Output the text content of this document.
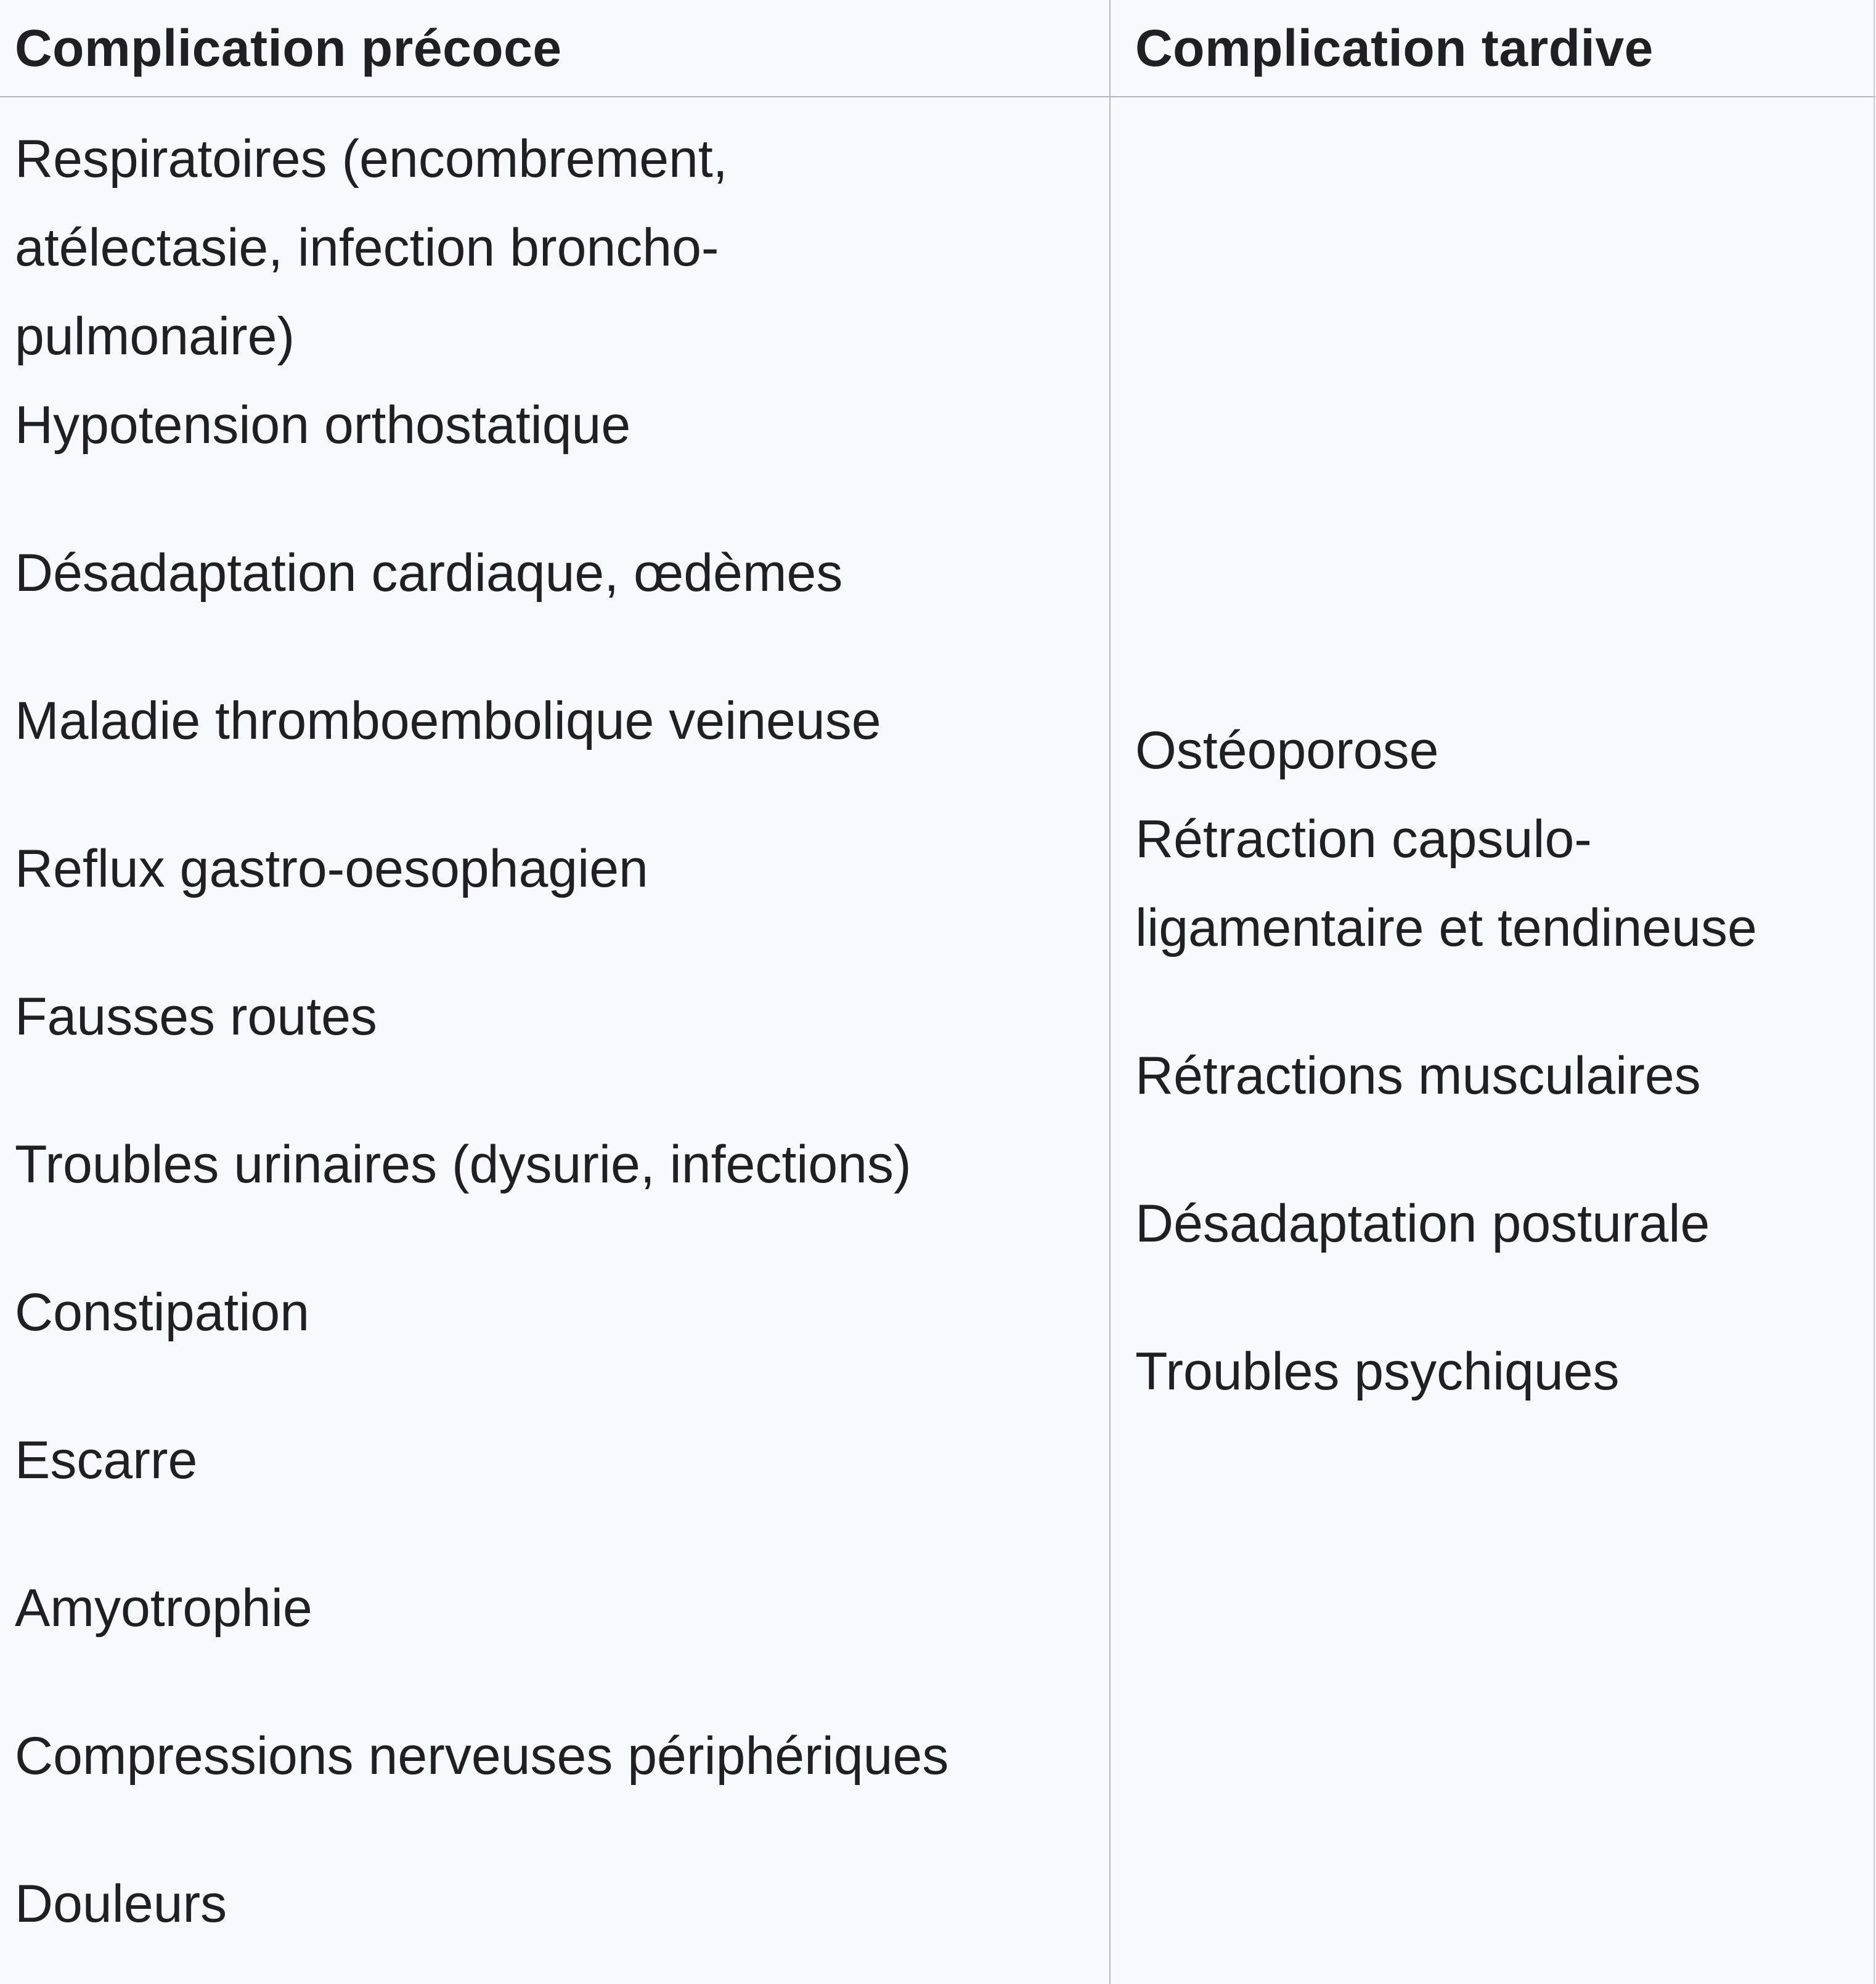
Complication précoce	Complication tardive

Respiratoires (encombrement,
atélectasie, infection broncho-
pulmonaire)

Hypotension orthostatique

Désadaptation cardiaque, œdèmes

Maladie thromboembolique veineuse

Reflux gastro-oesophagien

Fausses routes

Troubles urinaires (dysurie, infections)

Constipation

Escarre

Amyotrophie

Compressions nerveuses périphériques

Douleurs

Ostéoporose

Rétraction capsulo-
ligamentaire et tendineuse

Rétractions musculaires

Désadaptation posturale

Troubles psychiques
